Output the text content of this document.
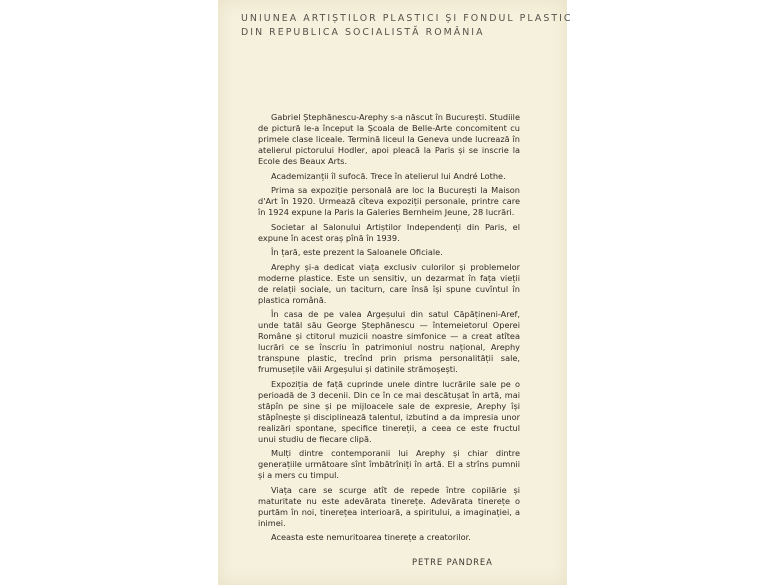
UNIUNEA ARTIȘTILOR PLASTICI ȘI FONDUL PLASTIC
DIN REPUBLICA SOCIALISTĂ ROMÂNIA

Gabriel Ștephănescu-Arephy s-a născut în București. Studiile de pictură le-a început la Școala de Belle-Arte concomitent cu primele clase liceale. Termină liceul la Geneva unde lucrează în atelierul pictorului Hodler, apoi pleacă la Paris și se inscrie la Ecole des Beaux Arts.

Academizanții îl sufocă. Trece în atelierul lui André Lothe.

Prima sa expoziție personală are loc la București la Maison d'Art în 1920. Urmează cîteva expoziții personale, printre care în 1924 expune la Paris la Galeries Bernheim Jeune, 28 lucrări.

Societar al Salonului Artiștilor Independenți din Paris, el expune în acest oraș pînă în 1939.

În țară, este prezent la Saloanele Oficiale.

Arephy și-a dedicat viața exclusiv culorilor și problemelor moderne plastice. Este un sensitiv, un dezarmat în fața vieții de relații sociale, un taciturn, care însă își spune cuvîntul în plastica română.

În casa de pe valea Argeșului din satul Căpățineni-Aref, unde tatăl său George Ștephănescu — întemeietorul Operei Române și ctitorul muzicii noastre simfonice — a creat atîtea lucrări ce se înscriu în patrimoniul nostru național, Arephy transpune plastic, trecînd prin prisma personalității sale, frumusețile văii Argeșului și datinile strămoșești.

Expoziția de față cuprinde unele dintre lucrările sale pe o perioadă de 3 decenii. Din ce în ce mai descătușat în artă, mai stăpîn pe sine și pe mijloacele sale de expresie, Arephy își stăpînește și disciplinează talentul, izbutind a da impresia unor realizări spontane, specifice tinereții, a ceea ce este fructul unui studiu de fiecare clipă.

Mulți dintre contemporanii lui Arephy și chiar dintre generațiile următoare sînt îmbătrîniți în artă. El a strîns pumnii și a mers cu timpul.

Viața care se scurge atît de repede între copilărie și maturitate nu este adevărata tinerețe. Adevărata tinerețe o purtăm în noi, tinerețea interioară, a spiritului, a imaginației, a inimei.

Aceasta este nemuritoarea tinerețe a creatorilor.

PETRE PANDREA
